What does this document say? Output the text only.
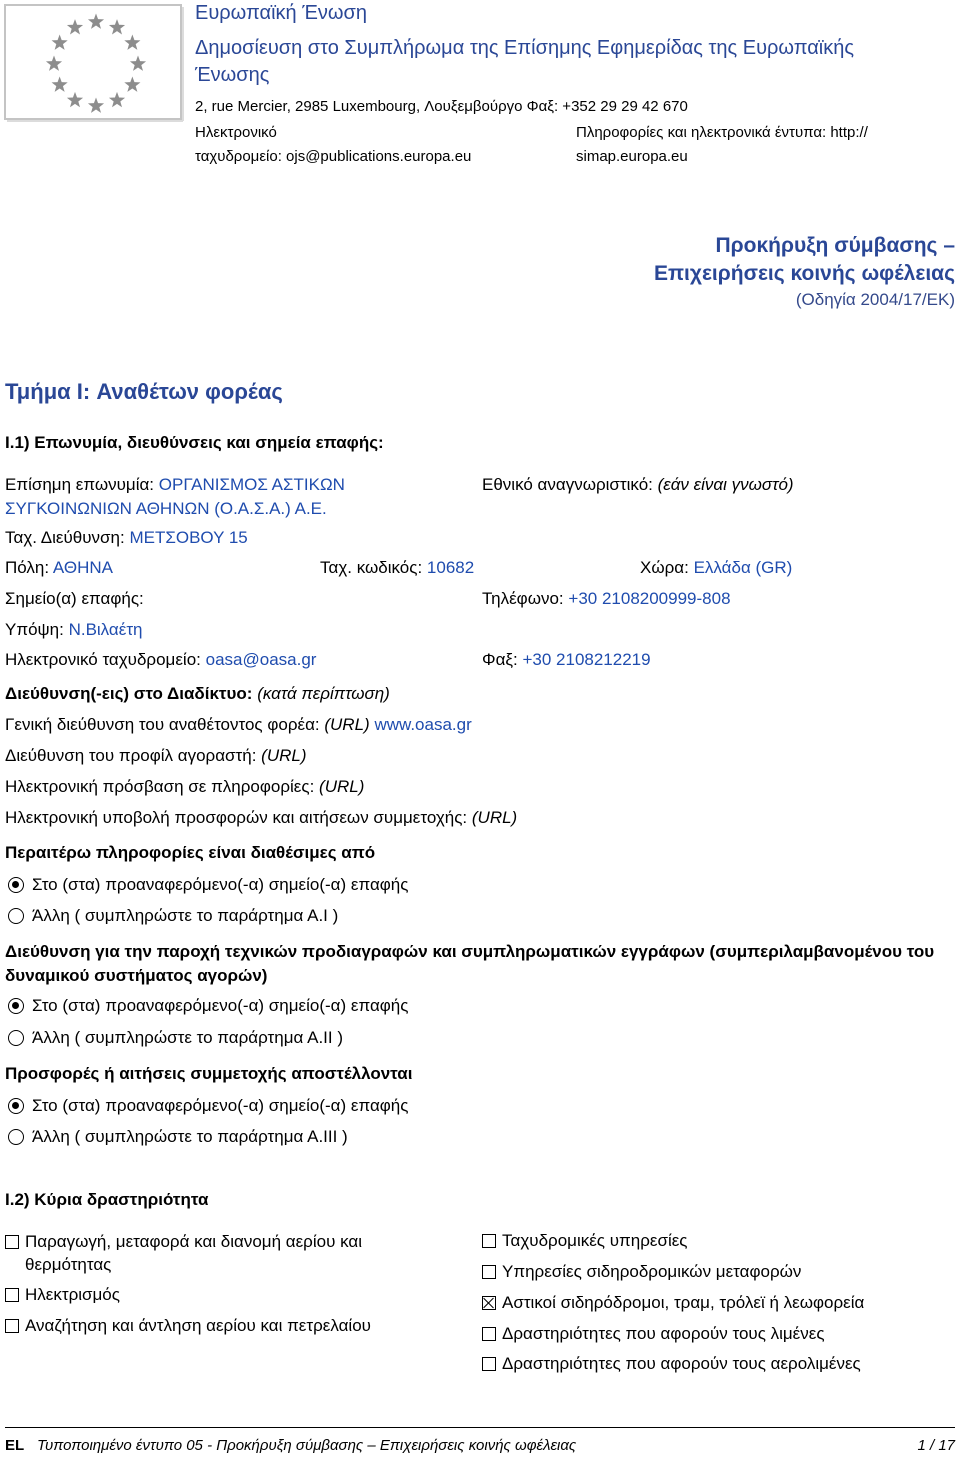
Ευρωπαϊκή Ένωση
Δημοσίευση στο Συμπλήρωμα της Επίσημης Εφημερίδας της Ευρωπαϊκής
Ένωσης
2, rue Mercier, 2985 Luxembourg, Λουξεμβούργο Φαξ: +352 29 29 42 670
Ηλεκτρονικό
ταχυδρομείο: ojs@publications.europa.eu
Πληροφορίες και ηλεκτρονικά έντυπα: http://
simap.europa.eu
Προκήρυξη σύμβασης –
Επιχειρήσεις κοινής ωφέλειας
(Οδηγία 2004/17/ΕΚ)
Τμήμα I: Αναθέτων φορέας
I.1) Επωνυμία, διευθύνσεις και σημεία επαφής:
Επίσημη επωνυμία: ΟΡΓΑΝΙΣΜΟΣ ΑΣΤΙΚΩΝ ΣΥΓΚΟΙΝΩΝΙΩΝ ΑΘΗΝΩΝ (Ο.Α.Σ.Α.) Α.Ε.
Εθνικό αναγνωριστικό: (εάν είναι γνωστό)
Ταχ. Διεύθυνση: ΜΕΤΣΟΒΟΥ 15
Πόλη: ΑΘΗΝΑ	Ταχ. κωδικός: 10682	Χώρα: Ελλάδα (GR)
Σημείο(α) επαφής:	Τηλέφωνο: +30 2108200999-808
Υπόψη: Ν.Βιλαέτη
Ηλεκτρονικό ταχυδρομείο: oasa@oasa.gr	Φαξ: +30 2108212219
Διεύθυνση(-εις) στο Διαδίκτυο: (κατά περίπτωση)
Γενική διεύθυνση του αναθέτοντος φορέα: (URL) www.oasa.gr
Διεύθυνση του προφίλ αγοραστή: (URL)
Ηλεκτρονική πρόσβαση σε πληροφορίες: (URL)
Ηλεκτρονική υποβολή προσφορών και αιτήσεων συμμετοχής: (URL)
Περαιτέρω πληροφορίες είναι διαθέσιμες από
Στο (στα) προαναφερόμενο(-α) σημείο(-α) επαφής
Άλλη ( συμπληρώστε το παράρτημα Α.I )
Διεύθυνση για την παροχή τεχνικών προδιαγραφών και συμπληρωματικών εγγράφων (συμπεριλαμβανομένου του δυναμικού συστήματος αγορών)
Στο (στα) προαναφερόμενο(-α) σημείο(-α) επαφής
Άλλη ( συμπληρώστε το παράρτημα Α.II )
Προσφορές ή αιτήσεις συμμετοχής αποστέλλονται
Στο (στα) προαναφερόμενο(-α) σημείο(-α) επαφής
Άλλη ( συμπληρώστε το παράρτημα Α.III )
I.2) Κύρια δραστηριότητα
Παραγωγή, μεταφορά και διανομή αερίου και θερμότητας
Ηλεκτρισμός
Αναζήτηση και άντληση αερίου και πετρελαίου
Ταχυδρομικές υπηρεσίες
Υπηρεσίες σιδηροδρομικών μεταφορών
Αστικοί σιδηρόδρομοι, τραμ, τρόλεϊ ή λεωφορεία
Δραστηριότητες που αφορούν τους λιμένες
Δραστηριότητες που αφορούν τους αερολιμένες
EL Τυποποιημένο έντυπο 05 - Προκήρυξη σύμβασης – Επιχειρήσεις κοινής ωφέλειας	1 / 17
